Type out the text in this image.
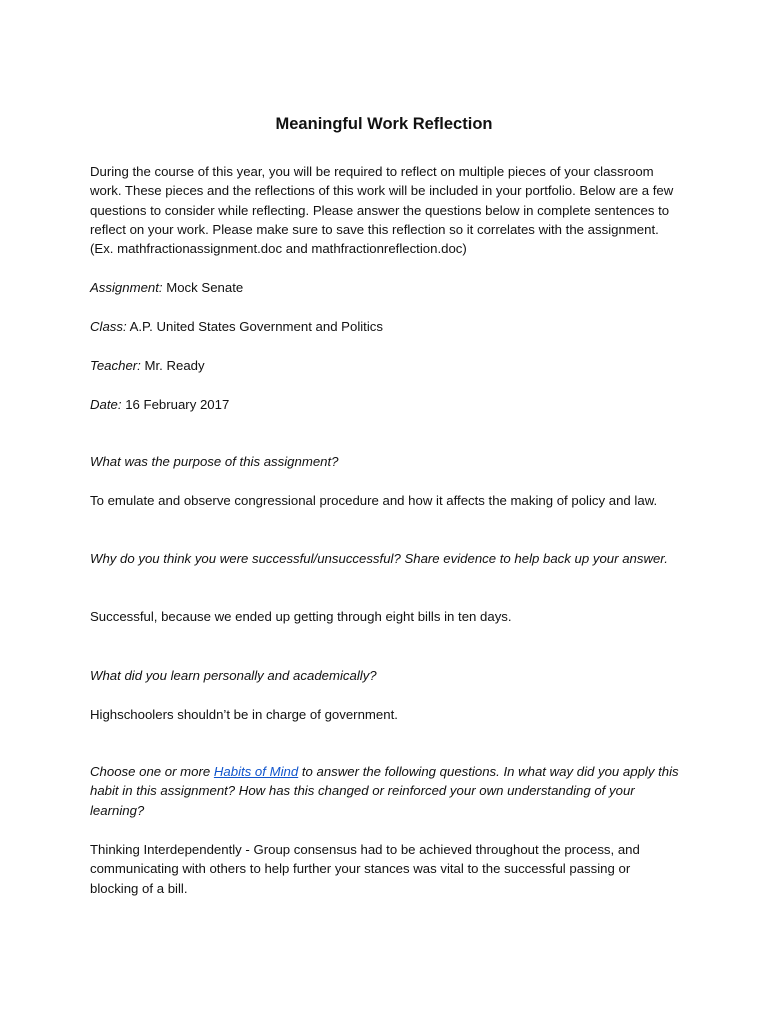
Meaningful Work Reflection
During the course of this year, you will be required to reflect on multiple pieces of your classroom work. These pieces and the reflections of this work will be included in your portfolio. Below are a few questions to consider while reflecting. Please answer the questions below in complete sentences to reflect on your work. Please make sure to save this reflection so it correlates with the assignment. (Ex. mathfractionassignment.doc and mathfractionreflection.doc)
Assignment: Mock Senate
Class: A.P. United States Government and Politics
Teacher: Mr. Ready
Date: 16 February 2017
What was the purpose of this assignment?
To emulate and observe congressional procedure and how it affects the making of policy and law.
Why do you think you were successful/unsuccessful? Share evidence to help back up your answer.
Successful, because we ended up getting through eight bills in ten days.
What did you learn personally and academically?
Highschoolers shouldn’t be in charge of government.
Choose one or more Habits of Mind to answer the following questions. In what way did you apply this habit in this assignment? How has this changed or reinforced your own understanding of your learning?
Thinking Interdependently - Group consensus had to be achieved throughout the process, and communicating with others to help further your stances was vital to the successful passing or blocking of a bill.
